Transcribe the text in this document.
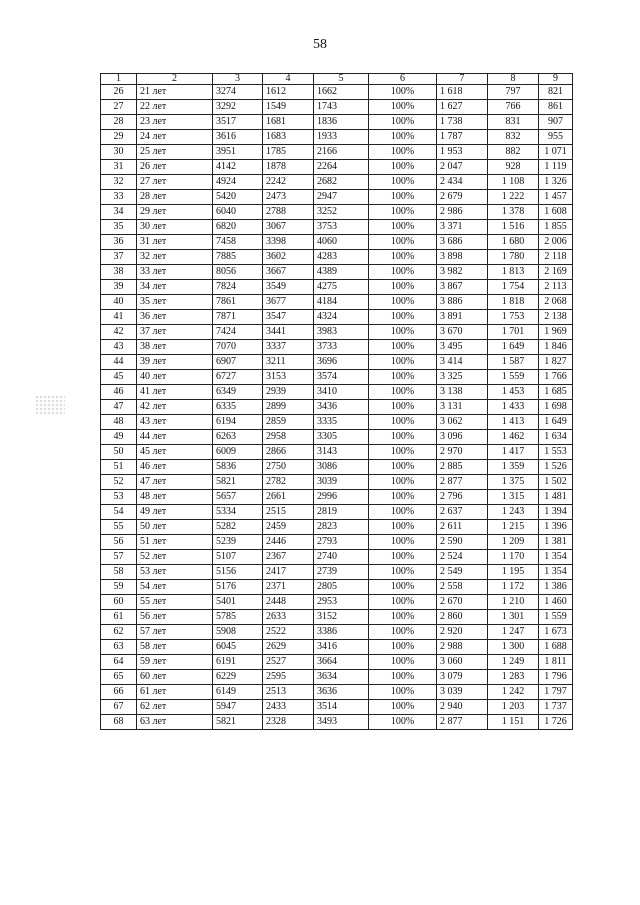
58
1	2	3	4	5	6	7	8	9
26	21 лет	3274	1612	1662	100%	1 618	797	821
27	22 лет	3292	1549	1743	100%	1 627	766	861
28	23 лет	3517	1681	1836	100%	1 738	831	907
29	24 лет	3616	1683	1933	100%	1 787	832	955
30	25 лет	3951	1785	2166	100%	1 953	882	1 071
31	26 лет	4142	1878	2264	100%	2 047	928	1 119
32	27 лет	4924	2242	2682	100%	2 434	1 108	1 326
33	28 лет	5420	2473	2947	100%	2 679	1 222	1 457
34	29 лет	6040	2788	3252	100%	2 986	1 378	1 608
35	30 лет	6820	3067	3753	100%	3 371	1 516	1 855
36	31 лет	7458	3398	4060	100%	3 686	1 680	2 006
37	32 лет	7885	3602	4283	100%	3 898	1 780	2 118
38	33 лет	8056	3667	4389	100%	3 982	1 813	2 169
39	34 лет	7824	3549	4275	100%	3 867	1 754	2 113
40	35 лет	7861	3677	4184	100%	3 886	1 818	2 068
41	36 лет	7871	3547	4324	100%	3 891	1 753	2 138
42	37 лет	7424	3441	3983	100%	3 670	1 701	1 969
43	38 лет	7070	3337	3733	100%	3 495	1 649	1 846
44	39 лет	6907	3211	3696	100%	3 414	1 587	1 827
45	40 лет	6727	3153	3574	100%	3 325	1 559	1 766
46	41 лет	6349	2939	3410	100%	3 138	1 453	1 685
47	42 лет	6335	2899	3436	100%	3 131	1 433	1 698
48	43 лет	6194	2859	3335	100%	3 062	1 413	1 649
49	44 лет	6263	2958	3305	100%	3 096	1 462	1 634
50	45 лет	6009	2866	3143	100%	2 970	1 417	1 553
51	46 лет	5836	2750	3086	100%	2 885	1 359	1 526
52	47 лет	5821	2782	3039	100%	2 877	1 375	1 502
53	48 лет	5657	2661	2996	100%	2 796	1 315	1 481
54	49 лет	5334	2515	2819	100%	2 637	1 243	1 394
55	50 лет	5282	2459	2823	100%	2 611	1 215	1 396
56	51 лет	5239	2446	2793	100%	2 590	1 209	1 381
57	52 лет	5107	2367	2740	100%	2 524	1 170	1 354
58	53 лет	5156	2417	2739	100%	2 549	1 195	1 354
59	54 лет	5176	2371	2805	100%	2 558	1 172	1 386
60	55 лет	5401	2448	2953	100%	2 670	1 210	1 460
61	56 лет	5785	2633	3152	100%	2 860	1 301	1 559
62	57 лет	5908	2522	3386	100%	2 920	1 247	1 673
63	58 лет	6045	2629	3416	100%	2 988	1 300	1 688
64	59 лет	6191	2527	3664	100%	3 060	1 249	1 811
65	60 лет	6229	2595	3634	100%	3 079	1 283	1 796
66	61 лет	6149	2513	3636	100%	3 039	1 242	1 797
67	62 лет	5947	2433	3514	100%	2 940	1 203	1 737
68	63 лет	5821	2328	3493	100%	2 877	1 151	1 726
